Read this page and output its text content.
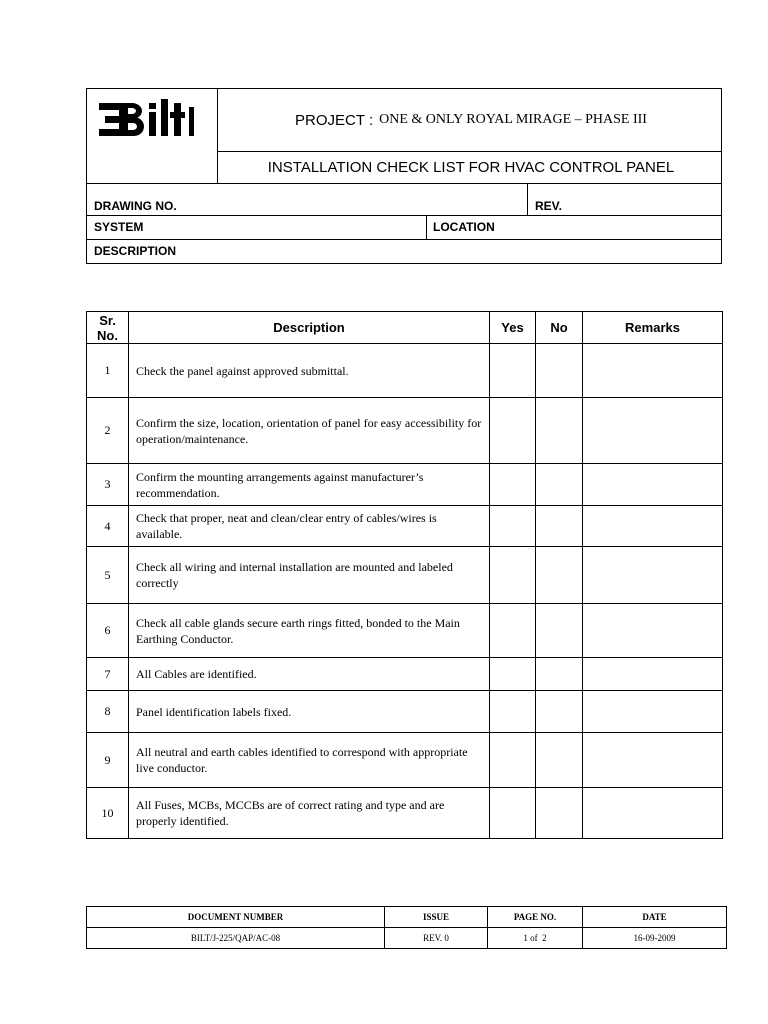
PROJECT : ONE & ONLY ROYAL MIRAGE – PHASE III
INSTALLATION CHECK LIST FOR HVAC CONTROL PANEL
DRAWING NO.	REV.
SYSTEM	LOCATION
DESCRIPTION
Sr. No.	Description	Yes	No	Remarks
1	Check the panel against approved submittal.			
2	Confirm the size, location, orientation of panel for easy accessibility for operation/maintenance.			
3	Confirm the mounting arrangements against manufacturer’s recommendation.			
4	Check that proper, neat and clean/clear entry of cables/wires is available.			
5	Check all wiring and internal installation are mounted and labeled correctly			
6	Check all cable glands secure earth rings fitted, bonded to the Main Earthing Conductor.			
7	All Cables are identified.			
8	Panel identification labels fixed.			
9	All neutral and earth cables identified to correspond with appropriate live conductor.			
10	All Fuses, MCBs, MCCBs are of correct rating and type and are properly identified.			
DOCUMENT NUMBER	ISSUE	PAGE NO.	DATE
BILT/J-225/QAP/AC-08	REV. 0	1 of  2	16-09-2009
